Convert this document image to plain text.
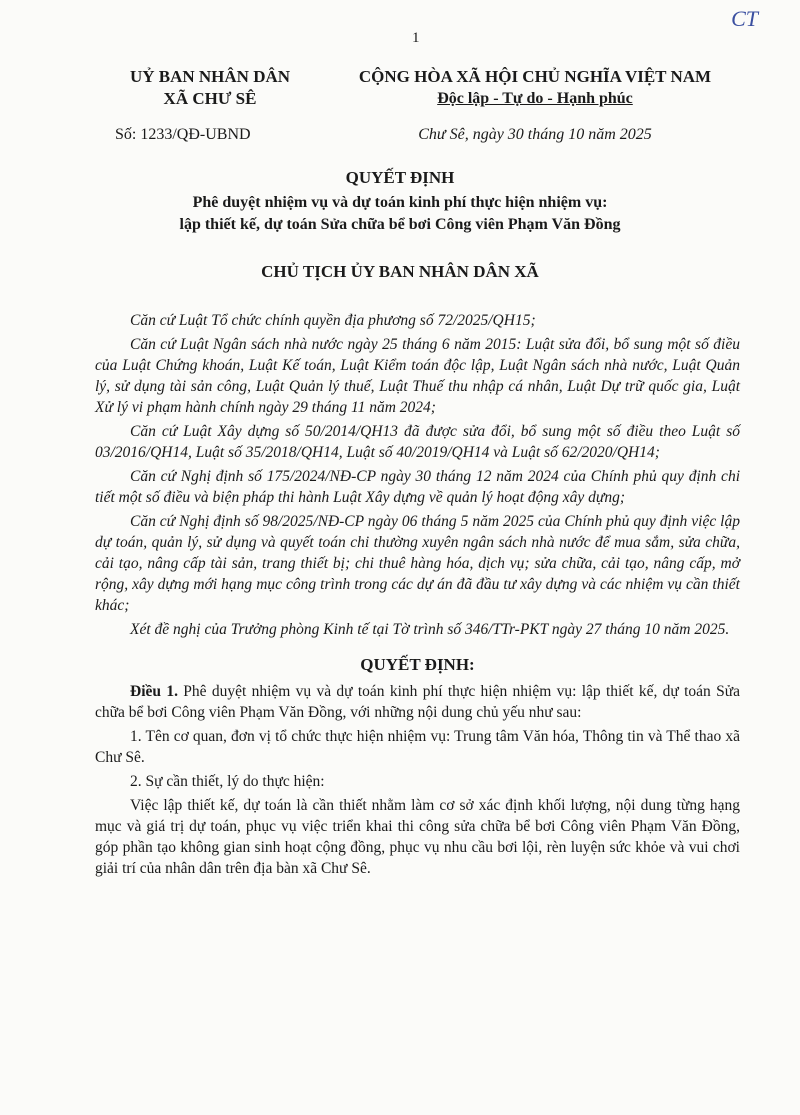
CT
1
UỶ BAN NHÂN DÂN
XÃ CHƯ SÊ
Số: 1233/QĐ-UBND
CỘNG HÒA XÃ HỘI CHỦ NGHĨA VIỆT NAM
Độc lập - Tự do - Hạnh phúc
Chư Sê, ngày 30 tháng 10 năm 2025
QUYẾT ĐỊNH
Phê duyệt nhiệm vụ và dự toán kinh phí thực hiện nhiệm vụ:
lập thiết kế, dự toán Sửa chữa bể bơi Công viên Phạm Văn Đồng
CHỦ TỊCH ỦY BAN NHÂN DÂN XÃ

Căn cứ Luật Tổ chức chính quyền địa phương số 72/2025/QH15;

Căn cứ Luật Ngân sách nhà nước ngày 25 tháng 6 năm 2015: Luật sửa đổi, bổ sung một số điều của Luật Chứng khoán, Luật Kế toán, Luật Kiểm toán độc lập, Luật Ngân sách nhà nước, Luật Quản lý, sử dụng tài sản công, Luật Quản lý thuế, Luật Thuế thu nhập cá nhân, Luật Dự trữ quốc gia, Luật Xử lý vi phạm hành chính ngày 29 tháng 11 năm 2024;

Căn cứ Luật Xây dựng số 50/2014/QH13 đã được sửa đổi, bổ sung một số điều theo Luật số 03/2016/QH14, Luật số 35/2018/QH14, Luật số 40/2019/QH14 và Luật số 62/2020/QH14;

Căn cứ Nghị định số 175/2024/NĐ-CP ngày 30 tháng 12 năm 2024 của Chính phủ quy định chi tiết một số điều và biện pháp thi hành Luật Xây dựng về quản lý hoạt động xây dựng;

Căn cứ Nghị định số 98/2025/NĐ-CP ngày 06 tháng 5 năm 2025 của Chính phủ quy định việc lập dự toán, quản lý, sử dụng và quyết toán chi thường xuyên ngân sách nhà nước để mua sắm, sửa chữa, cải tạo, nâng cấp tài sản, trang thiết bị; chi thuê hàng hóa, dịch vụ; sửa chữa, cải tạo, nâng cấp, mở rộng, xây dựng mới hạng mục công trình trong các dự án đã đầu tư xây dựng và các nhiệm vụ cần thiết khác;

Xét đề nghị của Trưởng phòng Kinh tế tại Tờ trình số 346/TTr-PKT ngày 27 tháng 10 năm 2025.

QUYẾT ĐỊNH:

Điều 1. Phê duyệt nhiệm vụ và dự toán kinh phí thực hiện nhiệm vụ: lập thiết kế, dự toán Sửa chữa bể bơi Công viên Phạm Văn Đồng, với những nội dung chủ yếu như sau:

1. Tên cơ quan, đơn vị tổ chức thực hiện nhiệm vụ: Trung tâm Văn hóa, Thông tin và Thể thao xã Chư Sê.

2. Sự cần thiết, lý do thực hiện:

Việc lập thiết kế, dự toán là cần thiết nhằm làm cơ sở xác định khối lượng, nội dung từng hạng mục và giá trị dự toán, phục vụ việc triển khai thi công sửa chữa bể bơi Công viên Phạm Văn Đồng, góp phần tạo không gian sinh hoạt cộng đồng, phục vụ nhu cầu bơi lội, rèn luyện sức khỏe và vui chơi giải trí của nhân dân trên địa bàn xã Chư Sê.
